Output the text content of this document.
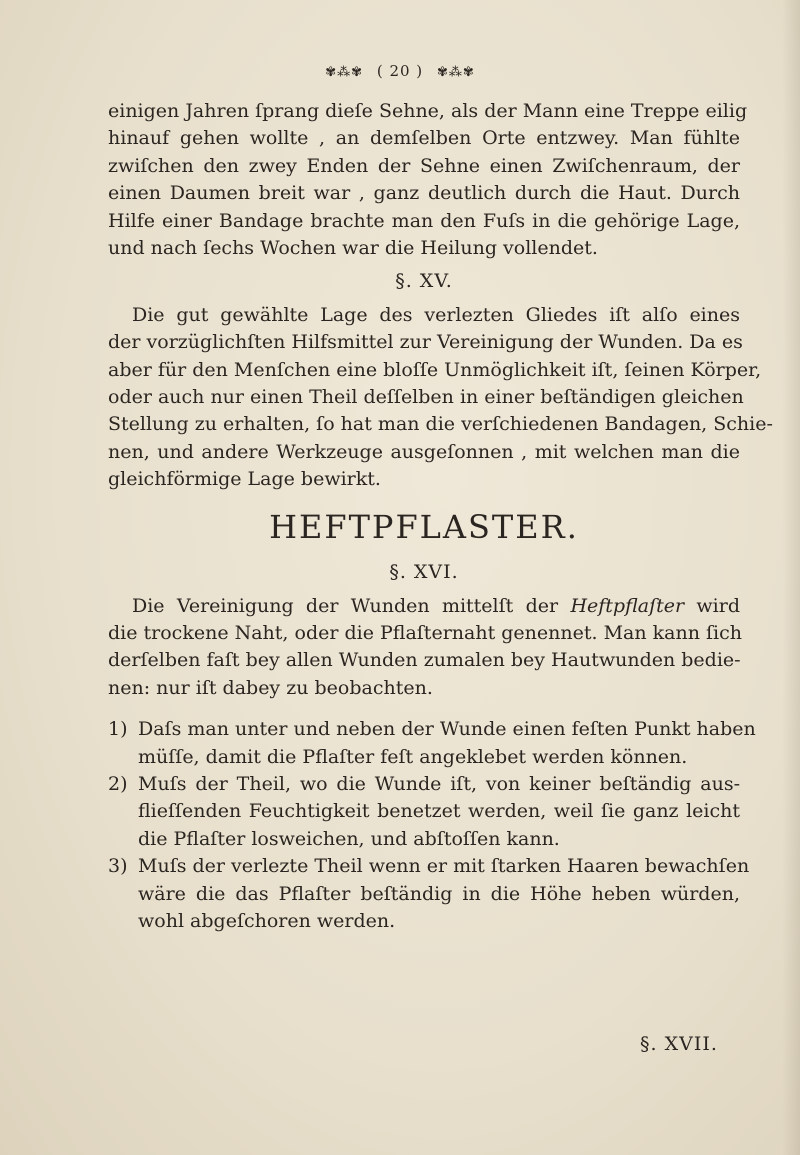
✾⁂✾ ( 20 ) ✾⁂✾
einigen Jahren ſprang dieſe Sehne, als der Mann eine Treppe eilig
hinauf gehen wollte , an demſelben Orte entzwey. Man fühlte
zwiſchen den zwey Enden der Sehne einen Zwiſchenraum, der
einen Daumen breit war , ganz deutlich durch die Haut. Durch
Hilfe einer Bandage brachte man den Fuſs in die gehörige Lage,
und nach ſechs Wochen war die Heilung vollendet.
§. XV.
Die gut gewählte Lage des verlezten Gliedes iſt alſo eines
der vorzüglichſten Hilfsmittel zur Vereinigung der Wunden. Da es
aber für den Menſchen eine bloſſe Unmöglichkeit iſt, ſeinen Körper,
oder auch nur einen Theil deſſelben in einer beſtändigen gleichen
Stellung zu erhalten, ſo hat man die verſchiedenen Bandagen, Schie-
nen, und andere Werkzeuge ausgeſonnen , mit welchen man die
gleichförmige Lage bewirkt.
HEFTPFLASTER.
§. XVI.
Die Vereinigung der Wunden mittelſt der Heftpflaſter wird
die trockene Naht, oder die Pflaſternaht genennet. Man kann ſich
derſelben faſt bey allen Wunden zumalen bey Hautwunden bedie-
nen: nur iſt dabey zu beobachten.
1) Daſs man unter und neben der Wunde einen feſten Punkt haben
müſſe, damit die Pflaſter feſt angeklebet werden können.
2) Muſs der Theil, wo die Wunde iſt, von keiner beſtändig aus-
flieſſenden Feuchtigkeit benetzet werden, weil ſie ganz leicht
die Pflaſter losweichen, und abſtoſſen kann.
3) Muſs der verlezte Theil wenn er mit ſtarken Haaren bewachſen
wäre die das Pflaſter beſtändig in die Höhe heben würden,
wohl abgeſchoren werden.
§. XVII.
